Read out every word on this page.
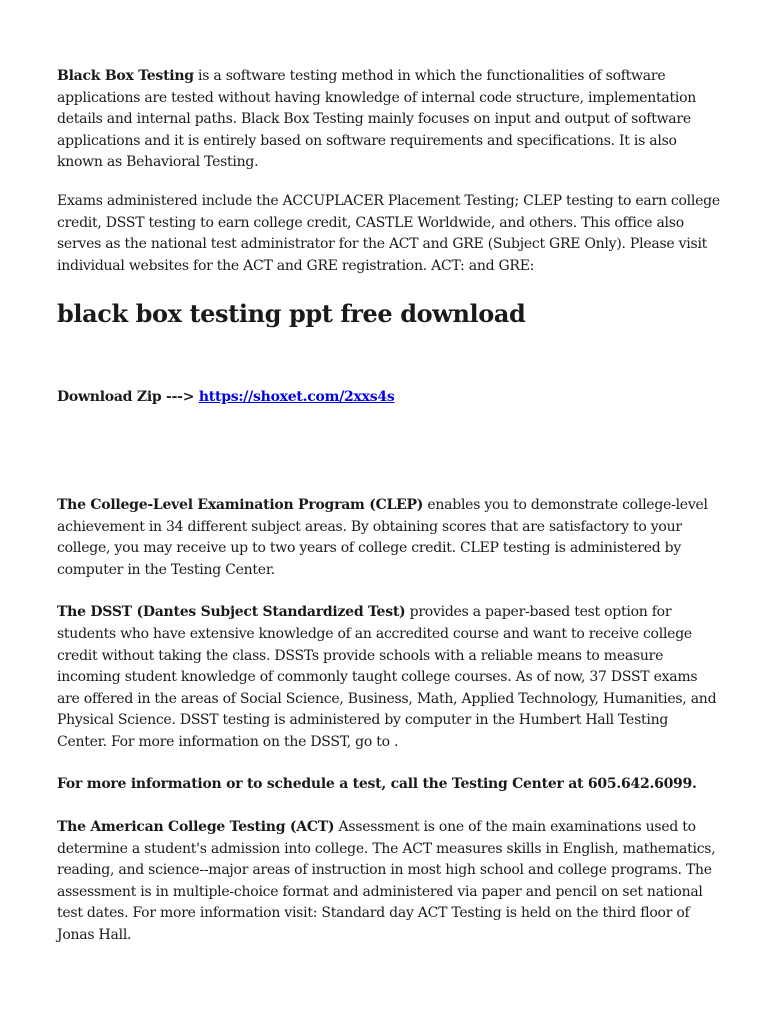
Black Box Testing is a software testing method in which the functionalities of software applications are tested without having knowledge of internal code structure, implementation details and internal paths. Black Box Testing mainly focuses on input and output of software applications and it is entirely based on software requirements and specifications. It is also known as Behavioral Testing.

Exams administered include the ACCUPLACER Placement Testing; CLEP testing to earn college credit, DSST testing to earn college credit, CASTLE Worldwide, and others. This office also serves as the national test administrator for the ACT and GRE (Subject GRE Only). Please visit individual websites for the ACT and GRE registration. ACT: and GRE:

black box testing ppt free download

Download Zip ---> https://shoxet.com/2xxs4s

The College-Level Examination Program (CLEP) enables you to demonstrate college-level achievement in 34 different subject areas. By obtaining scores that are satisfactory to your college, you may receive up to two years of college credit. CLEP testing is administered by computer in the Testing Center.

The DSST (Dantes Subject Standardized Test) provides a paper-based test option for students who have extensive knowledge of an accredited course and want to receive college credit without taking the class. DSSTs provide schools with a reliable means to measure incoming student knowledge of commonly taught college courses. As of now, 37 DSST exams are offered in the areas of Social Science, Business, Math, Applied Technology, Humanities, and Physical Science. DSST testing is administered by computer in the Humbert Hall Testing Center. For more information on the DSST, go to .

For more information or to schedule a test, call the Testing Center at 605.642.6099.

The American College Testing (ACT) Assessment is one of the main examinations used to determine a student's admission into college. The ACT measures skills in English, mathematics, reading, and science--major areas of instruction in most high school and college programs. The assessment is in multiple-choice format and administered via paper and pencil on set national test dates. For more information visit: Standard day ACT Testing is held on the third floor of Jonas Hall.
